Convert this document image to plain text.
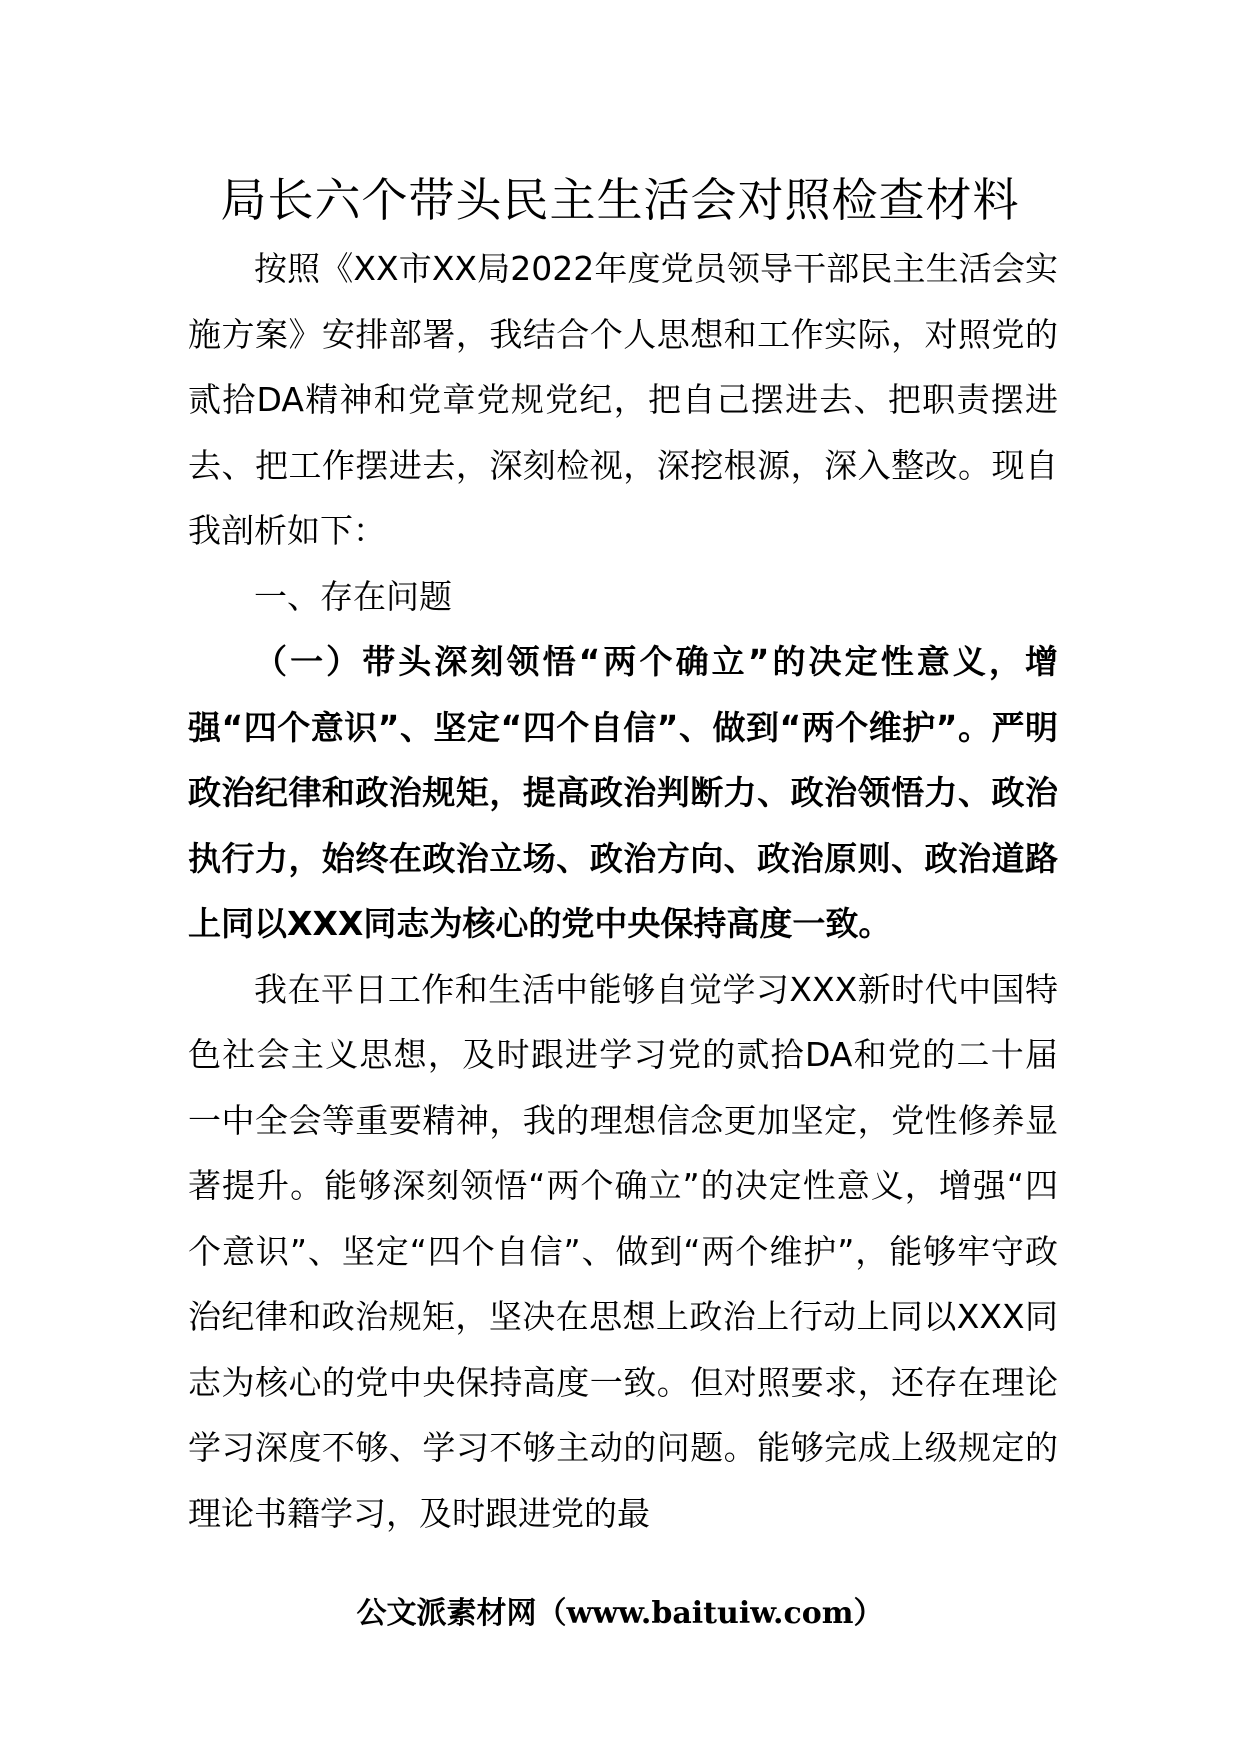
局长六个带头民主生活会对照检查材料

按照《XX市XX局2022年度党员领导干部民主生活会实施方案》安排部署，我结合个人思想和工作实际，对照党的贰拾DA精神和党章党规党纪，把自己摆进去、把职责摆进去、把工作摆进去，深刻检视，深挖根源，深入整改。现自我剖析如下：

一、存在问题

（一）带头深刻领悟“两个确立”的决定性意义，增强“四个意识”、坚定“四个自信”、做到“两个维护”。严明政治纪律和政治规矩，提高政治判断力、政治领悟力、政治执行力，始终在政治立场、政治方向、政治原则、政治道路上同以XXX同志为核心的党中央保持高度一致。

我在平日工作和生活中能够自觉学习XXX新时代中国特色社会主义思想，及时跟进学习党的贰拾DA和党的二十届一中全会等重要精神，我的理想信念更加坚定，党性修养显著提升。能够深刻领悟“两个确立”的决定性意义，增强“四个意识”、坚定“四个自信”、做到“两个维护”，能够牢守政治纪律和政治规矩，坚决在思想上政治上行动上同以XXX同志为核心的党中央保持高度一致。但对照要求，还存在理论学习深度不够、学习不够主动的问题。能够完成上级规定的理论书籍学习，及时跟进党的最

公文派素材网（www.baituiw.com）
